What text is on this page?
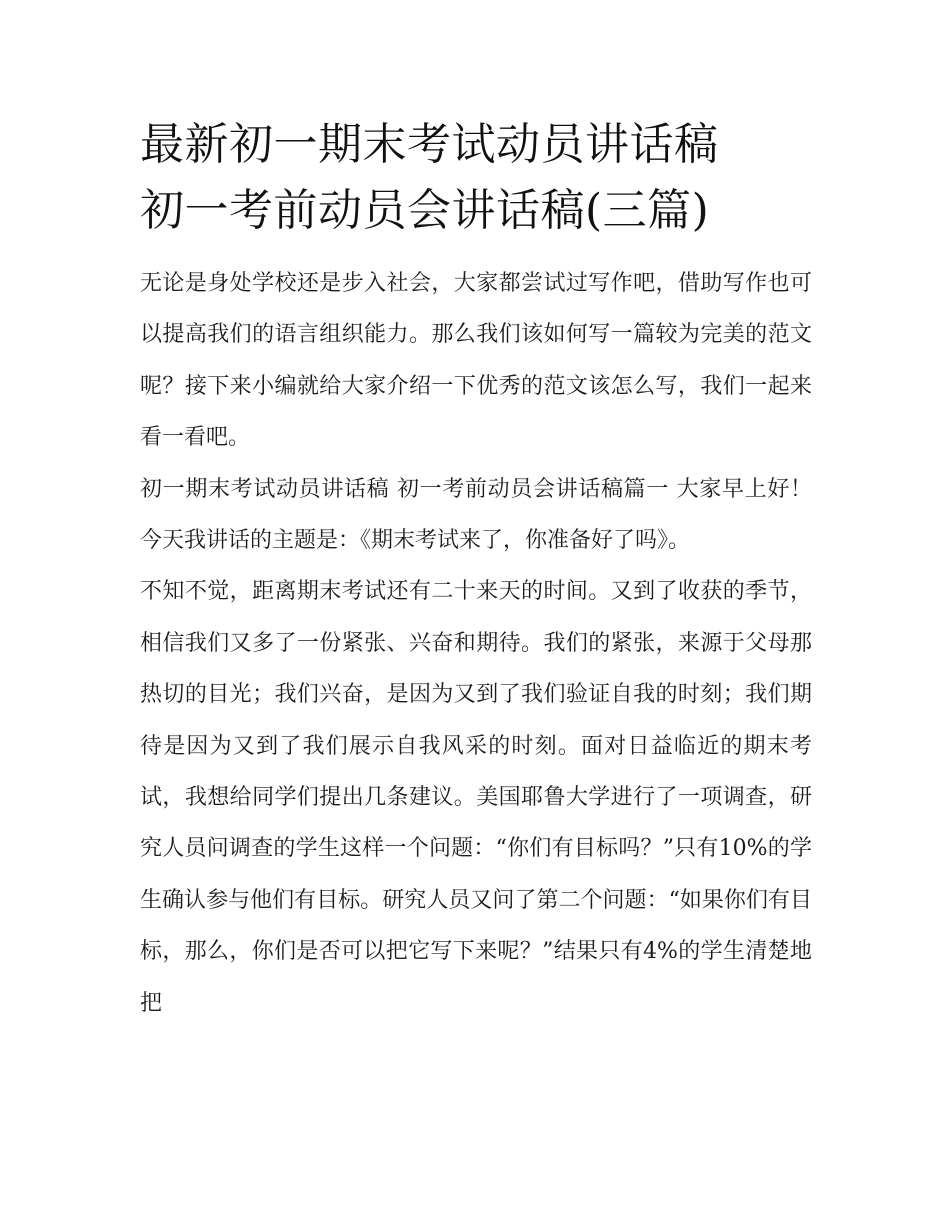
最新初一期末考试动员讲话稿
初一考前动员会讲话稿(三篇)

无论是身处学校还是步入社会，大家都尝试过写作吧，借助写作也可以提高我们的语言组织能力。那么我们该如何写一篇较为完美的范文呢？接下来小编就给大家介绍一下优秀的范文该怎么写，我们一起来看一看吧。

初一期末考试动员讲话稿 初一考前动员会讲话稿篇一 大家早上好！今天我讲话的主题是：《期末考试来了，你准备好了吗》。

不知不觉，距离期末考试还有二十来天的时间。又到了收获的季节，相信我们又多了一份紧张、兴奋和期待。我们的紧张，来源于父母那热切的目光；我们兴奋，是因为又到了我们验证自我的时刻；我们期待是因为又到了我们展示自我风采的时刻。面对日益临近的期末考试，我想给同学们提出几条建议。美国耶鲁大学进行了一项调查，研究人员问调查的学生这样一个问题：“你们有目标吗？”只有10%的学生确认参与他们有目标。研究人员又问了第二个问题：“如果你们有目标，那么，你们是否可以把它写下来呢？”结果只有4%的学生清楚地把
